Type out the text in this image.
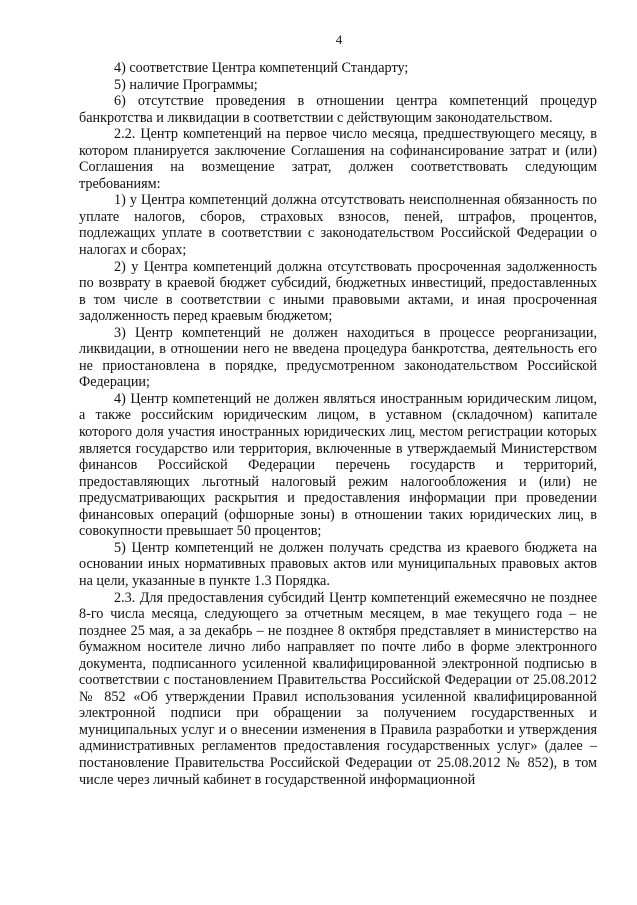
4

4) соответствие Центра компетенций Стандарту;

5) наличие Программы;

6) отсутствие проведения в отношении центра компетенций процедур банкротства и ликвидации в соответствии с действующим законодательством.

2.2. Центр компетенций на первое число месяца, предшествующего месяцу, в котором планируется заключение Соглашения на софинансирование затрат и (или) Соглашения на возмещение затрат, должен соответствовать следующим требованиям:

1) у Центра компетенций должна отсутствовать неисполненная обязанность по уплате налогов, сборов, страховых взносов, пеней, штрафов, процентов, подлежащих уплате в соответствии с законодательством Российской Федерации о налогах и сборах;

2) у Центра компетенций должна отсутствовать просроченная задолженность по возврату в краевой бюджет субсидий, бюджетных инвестиций, предоставленных в том числе в соответствии с иными правовыми актами, и иная просроченная задолженность перед краевым бюджетом;

3) Центр компетенций не должен находиться в процессе реорганизации, ликвидации, в отношении него не введена процедура банкротства, деятельность его не приостановлена в порядке, предусмотренном законодательством Российской Федерации;

4) Центр компетенций не должен являться иностранным юридическим лицом, а также российским юридическим лицом, в уставном (складочном) капитале которого доля участия иностранных юридических лиц, местом регистрации которых является государство или территория, включенные в утверждаемый Министерством финансов Российской Федерации перечень государств и территорий, предоставляющих льготный налоговый режим налогообложения и (или) не предусматривающих раскрытия и предоставления информации при проведении финансовых операций (офшорные зоны) в отношении таких юридических лиц, в совокупности превышает 50 процентов;

5) Центр компетенций не должен получать средства из краевого бюджета на основании иных нормативных правовых актов или муниципальных правовых актов на цели, указанные в пункте 1.3 Порядка.

2.3. Для предоставления субсидий Центр компетенций ежемесячно не позднее 8-го числа месяца, следующего за отчетным месяцем, в мае текущего года – не позднее 25 мая, а за декабрь – не позднее 8 октября представляет в министерство на бумажном носителе лично либо направляет по почте либо в форме электронного документа, подписанного усиленной квалифицированной электронной подписью в соответствии с постановлением Правительства Российской Федерации от 25.08.2012 № 852 «Об утверждении Правил использования усиленной квалифицированной электронной подписи при обращении за получением государственных и муниципальных услуг и о внесении изменения в Правила разработки и утверждения административных регламентов предоставления государственных услуг» (далее – постановление Правительства Российской Федерации от 25.08.2012 № 852), в том числе через личный кабинет в государственной информационной
